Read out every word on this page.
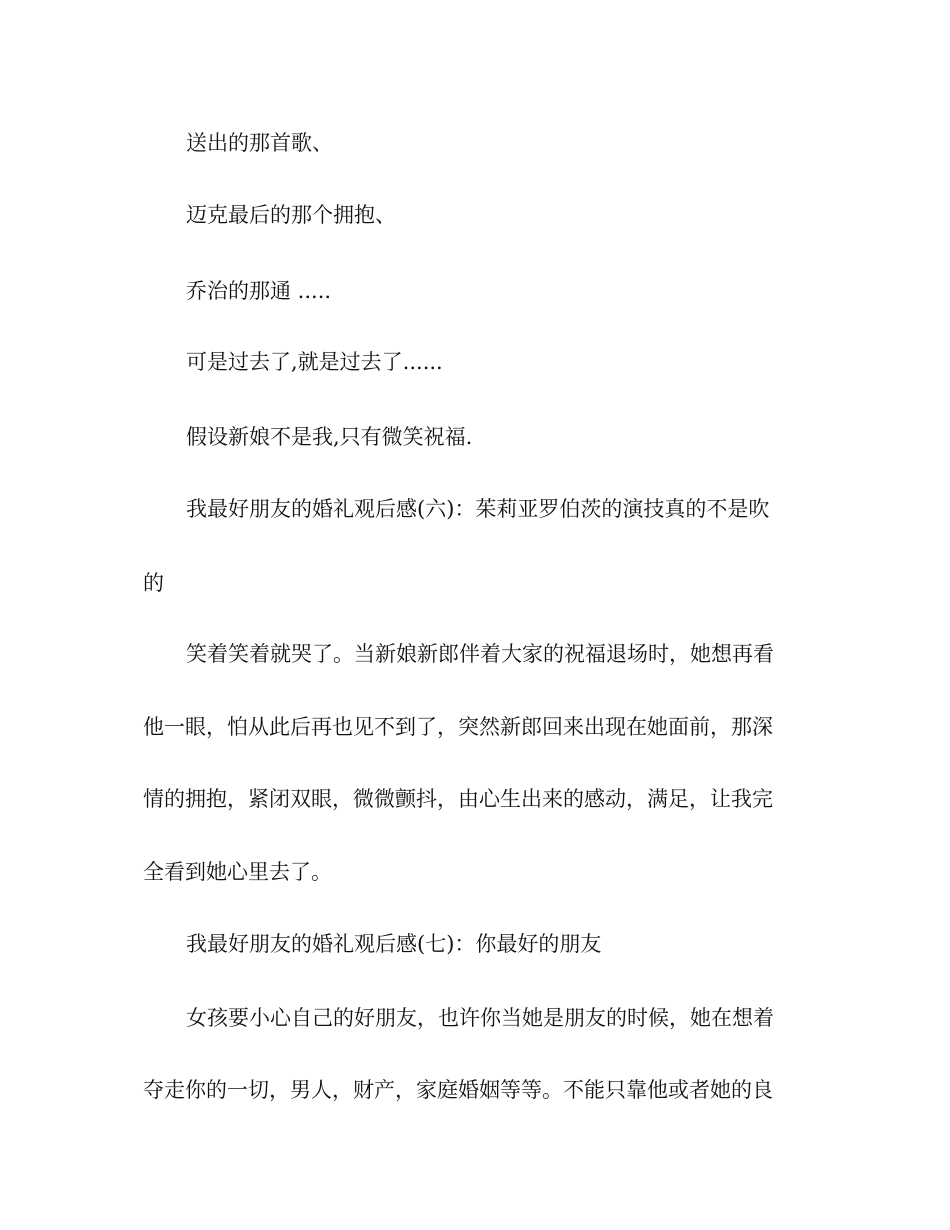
送出的那首歌、
迈克最后的那个拥抱、
乔治的那通 .....
可是过去了,就是过去了......
假设新娘不是我,只有微笑祝福.
我最好朋友的婚礼观后感(六)：茱莉亚罗伯茨的演技真的不是吹
的
笑着笑着就哭了。当新娘新郎伴着大家的祝福退场时，她想再看
他一眼，怕从此后再也见不到了，突然新郎回来出现在她面前，那深
情的拥抱，紧闭双眼，微微颤抖，由心生出来的感动，满足，让我完
全看到她心里去了。
我最好朋友的婚礼观后感(七)：你最好的朋友
女孩要小心自己的好朋友，也许你当她是朋友的时候，她在想着
夺走你的一切，男人，财产，家庭婚姻等等。不能只靠他或者她的良
